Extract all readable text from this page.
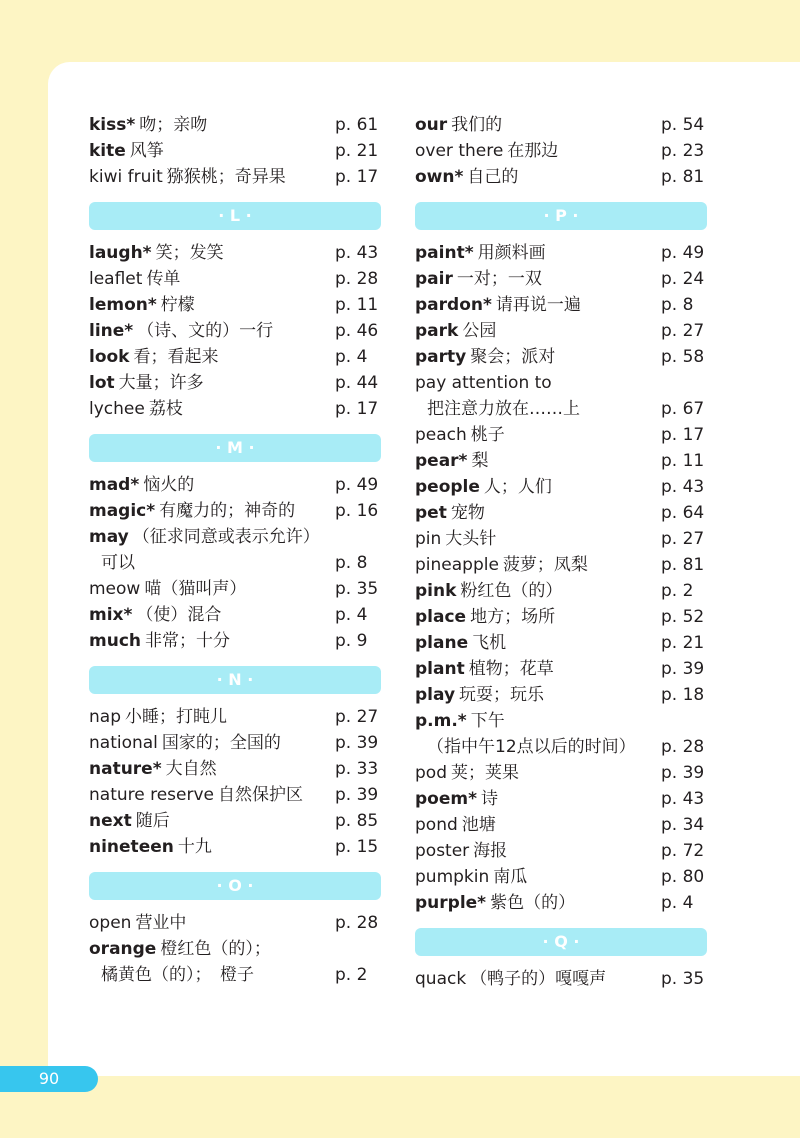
kiss* 吻；亲吻	p. 61
kite 风筝	p. 21
kiwi fruit 猕猴桃；奇异果	p. 17
· L ·
laugh* 笑；发笑	p. 43
leaflet 传单	p. 28
lemon* 柠檬	p. 11
line* （诗、文的）一行	p. 46
look 看；看起来	p. 4
lot 大量；许多	p. 44
lychee 荔枝	p. 17
· M ·
mad* 恼火的	p. 49
magic* 有魔力的；神奇的 p. 16
may （征求同意或表示允许）
可以	p. 8
meow 喵（猫叫声）	p. 35
mix* （使）混合	p. 4
much 非常；十分	p. 9
· N ·
nap 小睡；打盹儿	p. 27
national 国家的；全国的	p. 39
nature* 大自然	p. 33
nature reserve 自然保护区 p. 39
next 随后	p. 85
nineteen 十九	p. 15
· O ·
open 营业中	p. 28
orange 橙红色（的）；
橘黄色（的）；　橙子	p. 2
our 我们的	p. 54
over there 在那边	p. 23
own* 自己的	p. 81
· P ·
paint* 用颜料画	p. 49
pair 一对；一双	p. 24
pardon* 请再说一遍	p. 8
park 公园	p. 27
party 聚会；派对	p. 58
pay attention to
把注意力放在……上	p. 67
peach 桃子	p. 17
pear* 梨	p. 11
people 人；人们	p. 43
pet 宠物	p. 64
pin 大头针	p. 27
pineapple 菠萝；凤梨	p. 81
pink 粉红色（的）	p. 2
place 地方；场所	p. 52
plane 飞机	p. 21
plant 植物；花草	p. 39
play 玩耍；玩乐	p. 18
p.m.* 下午
（指中午12点以后的时间） p. 28
pod 荚；荚果	p. 39
poem* 诗	p. 43
pond 池塘	p. 34
poster 海报	p. 72
pumpkin 南瓜	p. 80
purple* 紫色（的）	p. 4
· Q ·
quack （鸭子的）嘎嘎声	p. 35
90
